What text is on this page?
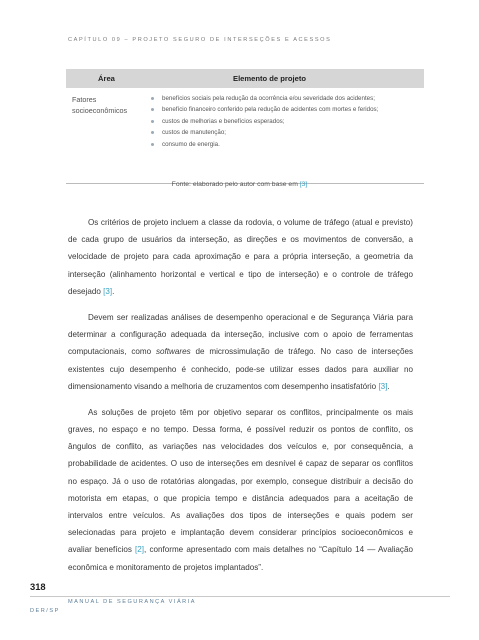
CAPÍTULO 09 – PROJETO SEGURO DE INTERSEÇÕES E ACESSOS
Área	Elemento de projeto
Fatores
socioeconômicos
benefícios sociais pela redução da ocorrência e/ou severidade dos acidentes;
benefício financeiro conferido pela redução de acidentes com mortes e feridos;
custos de melhorias e benefícios esperados;
custos de manutenção;
consumo de energia.
Fonte: elaborado pelo autor com base em [3]

Os critérios de projeto incluem a classe da rodovia, o volume de tráfego (atual e previsto) de cada grupo de usuários da interseção, as direções e os movimentos de conversão, a velocidade de projeto para cada aproximação e para a própria interseção, a geometria da interseção (alinhamento horizontal e vertical e tipo de interseção) e o controle de tráfego desejado [3].

Devem ser realizadas análises de desempenho operacional e de Segurança Viária para determinar a configuração adequada da interseção, inclusive com o apoio de ferramentas computacionais, como softwares de microssimulação de tráfego. No caso de interseções existentes cujo desempenho é conhecido, pode-se utilizar esses dados para auxiliar no dimensionamento visando a melhoria de cruzamentos com desempenho insatisfatório [3].

As soluções de projeto têm por objetivo separar os conflitos, principalmente os mais graves, no espaço e no tempo. Dessa forma, é possível reduzir os pontos de conflito, os ângulos de conflito, as variações nas velocidades dos veículos e, por consequência, a probabilidade de acidentes. O uso de interseções em desnível é capaz de separar os conflitos no espaço. Já o uso de rotatórias alongadas, por exemplo, consegue distribuir a decisão do motorista em etapas, o que propicia tempo e distância adequados para a aceitação de intervalos entre veículos. As avaliações dos tipos de interseções e quais podem ser selecionadas para projeto e implantação devem considerar princípios socioeconômicos e avaliar benefícios [2], conforme apresentado com mais detalhes no “Capítulo 14 — Avaliação econômica e monitoramento de projetos implantados”.

318
MANUAL DE SEGURANÇA VIÁRIA
DER/SP
